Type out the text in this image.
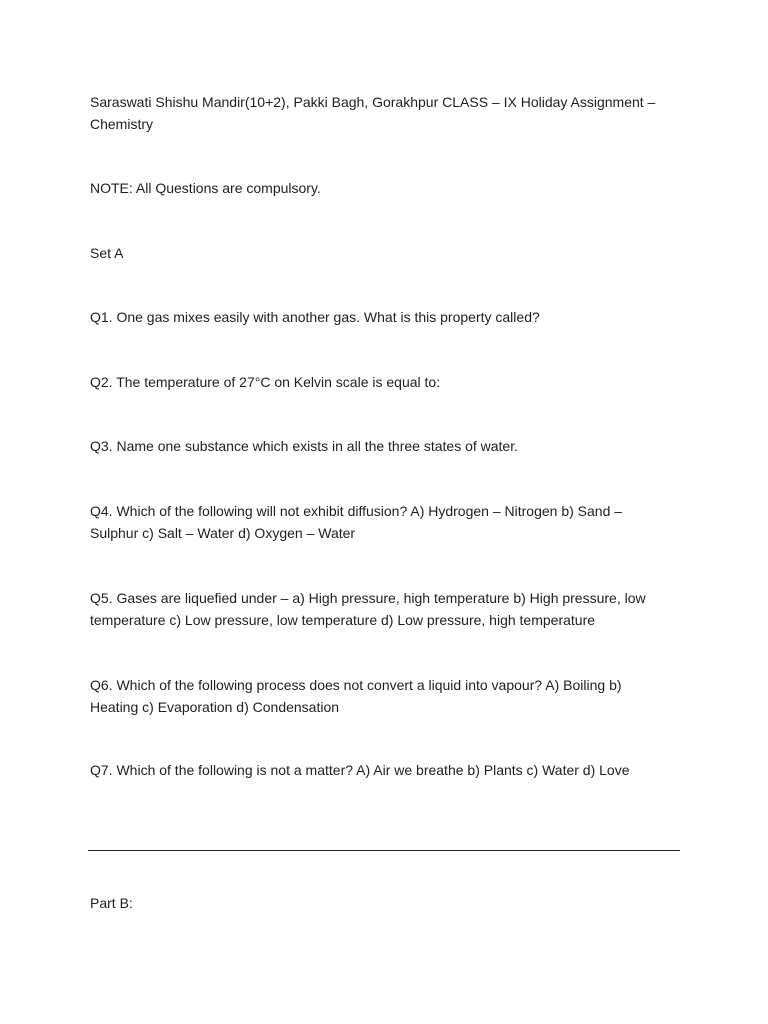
Saraswati Shishu Mandir(10+2), Pakki Bagh, Gorakhpur CLASS – IX Holiday Assignment – Chemistry

NOTE: All Questions are compulsory.

Set A

Q1. One gas mixes easily with another gas. What is this property called?

Q2. The temperature of 27°C on Kelvin scale is equal to:

Q3. Name one substance which exists in all the three states of water.

Q4. Which of the following will not exhibit diffusion? A) Hydrogen – Nitrogen b) Sand – Sulphur c) Salt – Water d) Oxygen – Water

Q5. Gases are liquefied under – a) High pressure, high temperature b) High pressure, low temperature c) Low pressure, low temperature d) Low pressure, high temperature

Q6. Which of the following process does not convert a liquid into vapour? A) Boiling b) Heating c) Evaporation d) Condensation

Q7. Which of the following is not a matter? A) Air we breathe b) Plants c) Water d) Love

Part B:
